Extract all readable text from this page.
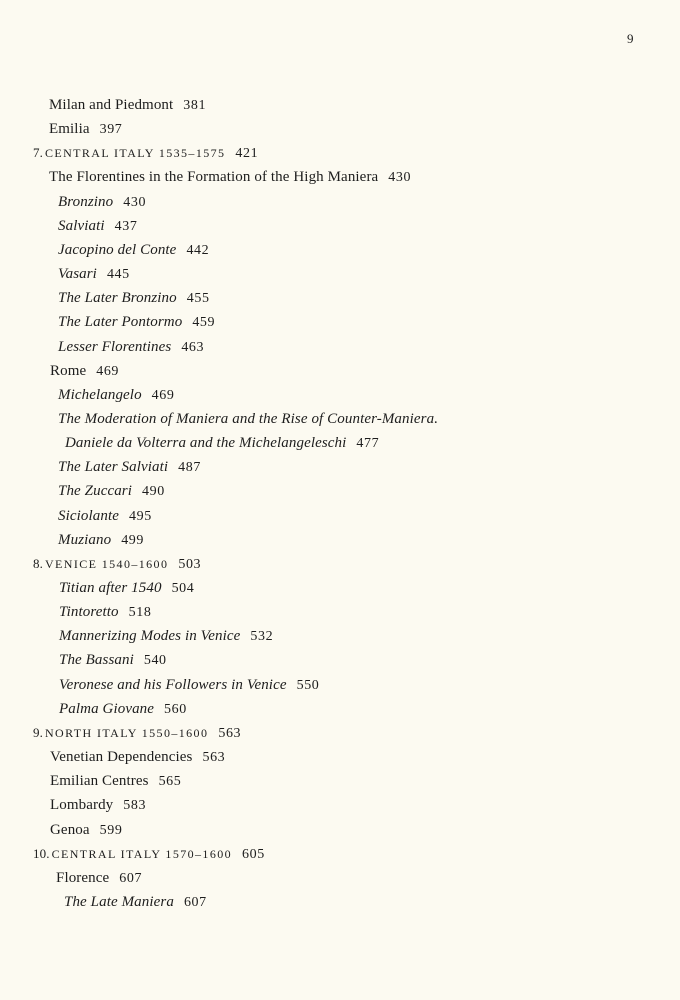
9
Milan and Piedmont 381
Emilia 397
7. CENTRAL ITALY 1535–1575 421
The Florentines in the Formation of the High Maniera 430
Bronzino 430
Salviati 437
Jacopino del Conte 442
Vasari 445
The Later Bronzino 455
The Later Pontormo 459
Lesser Florentines 463
Rome 469
Michelangelo 469
The Moderation of Maniera and the Rise of Counter-Maniera.
Daniele da Volterra and the Michelangeleschi 477
The Later Salviati 487
The Zuccari 490
Siciolante 495
Muziano 499
8. VENICE 1540–1600 503
Titian after 1540 504
Tintoretto 518
Mannerizing Modes in Venice 532
The Bassani 540
Veronese and his Followers in Venice 550
Palma Giovane 560
9. NORTH ITALY 1550–1600 563
Venetian Dependencies 563
Emilian Centres 565
Lombardy 583
Genoa 599
10. CENTRAL ITALY 1570–1600 605
Florence 607
The Late Maniera 607
